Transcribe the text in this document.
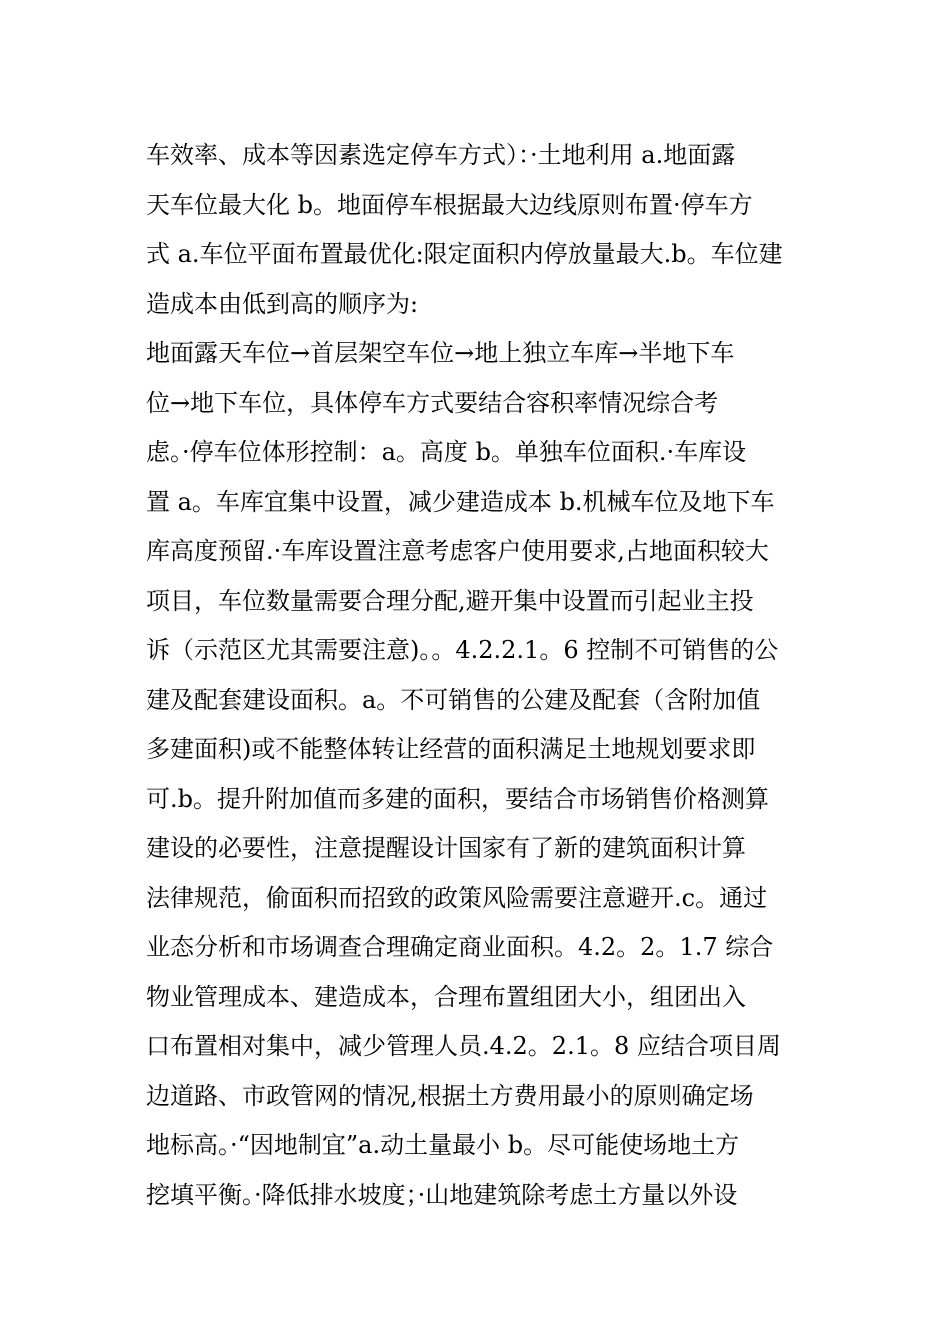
车效率、成本等因素选定停车方式）：·土地利用 a.地面露
天车位最大化 b。地面停车根据最大边线原则布置·停车方
式 a.车位平面布置最优化:限定面积内停放量最大.b。车位建
造成本由低到高的顺序为:
地面露天车位→首层架空车位→地上独立车库→半地下车
位→地下车位，具体停车方式要结合容积率情况综合考
虑。·停车位体形控制：a。高度 b。单独车位面积.·车库设
置 a。车库宜集中设置，减少建造成本 b.机械车位及地下车
库高度预留.·车库设置注意考虑客户使用要求,占地面积较大
项目，车位数量需要合理分配,避开集中设置而引起业主投
诉（示范区尤其需要注意)。。4.2.2.1。6 控制不可销售的公
建及配套建设面积。a。不可销售的公建及配套（含附加值
多建面积)或不能整体转让经营的面积满足土地规划要求即
可.b。提升附加值而多建的面积，要结合市场销售价格测算
建设的必要性，注意提醒设计国家有了新的建筑面积计算
法律规范，偷面积而招致的政策风险需要注意避开.c。通过
业态分析和市场调查合理确定商业面积。4.2。2。1.7 综合
物业管理成本、建造成本，合理布置组团大小，组团出入
口布置相对集中，减少管理人员.4.2。2.1。8 应结合项目周
边道路、市政管网的情况,根据土方费用最小的原则确定场
地标高。·“因地制宜”a.动土量最小 b。尽可能使场地土方
挖填平衡。·降低排水坡度；·山地建筑除考虑土方量以外设
